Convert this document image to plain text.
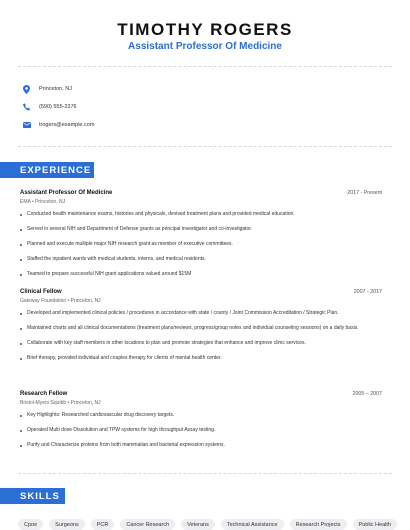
TIMOTHY ROGERS
Assistant Professor Of Medicine
Princeton, NJ
(590) 555-2376
trogers@example.com
EXPERIENCE
Assistant Professor Of Medicine	2017 - Present
EMA • Princeton, NJ
Conducted health maintenance exams, histories and physicals, devised treatment plans and provided medical education.
Served in several NIH and Department of Defense grants as principal investigator and co-investigator.
Planned and execute multiple major NIH research grant as member of executive committees.
Staffed the inpatient wards with medical students, interns, and medical residents.
Teamed to prepare successful NIH grant applications valued around $15M
Clinical Fellow	2007 - 2017
Gateway Foundation • Princeton, NJ
Developed and implemented clinical policies / procedures in accordance with state / county / Joint Commission Accreditation / Strategic Plan.
Maintained charts and all clinical documentations (treatment plans/reviews, progress/group notes and individual counseling sessions) on a daily basis.
Collaborate with key staff members in other locations to plan and promote strategies that enhance and improve clinic services.
Brief therapy, provided individual and couples therapy for clients of mental health center.
Research Fellow	2005 – 2007
Bristol-Myers Squibb • Princeton, NJ
Key Highlights: Researched cardiovascular drug discovery targets.
Operated Multi dose Dissolution and TPW systems for high throughput Assay testing.
Purify and Characterize proteins from both mammalian and bacterial expression systems.
SKILLS
Cpoe	Surgeons	PCR	Cancer Research	Veterans	Technical Assistance	Research Projects	Public Health
